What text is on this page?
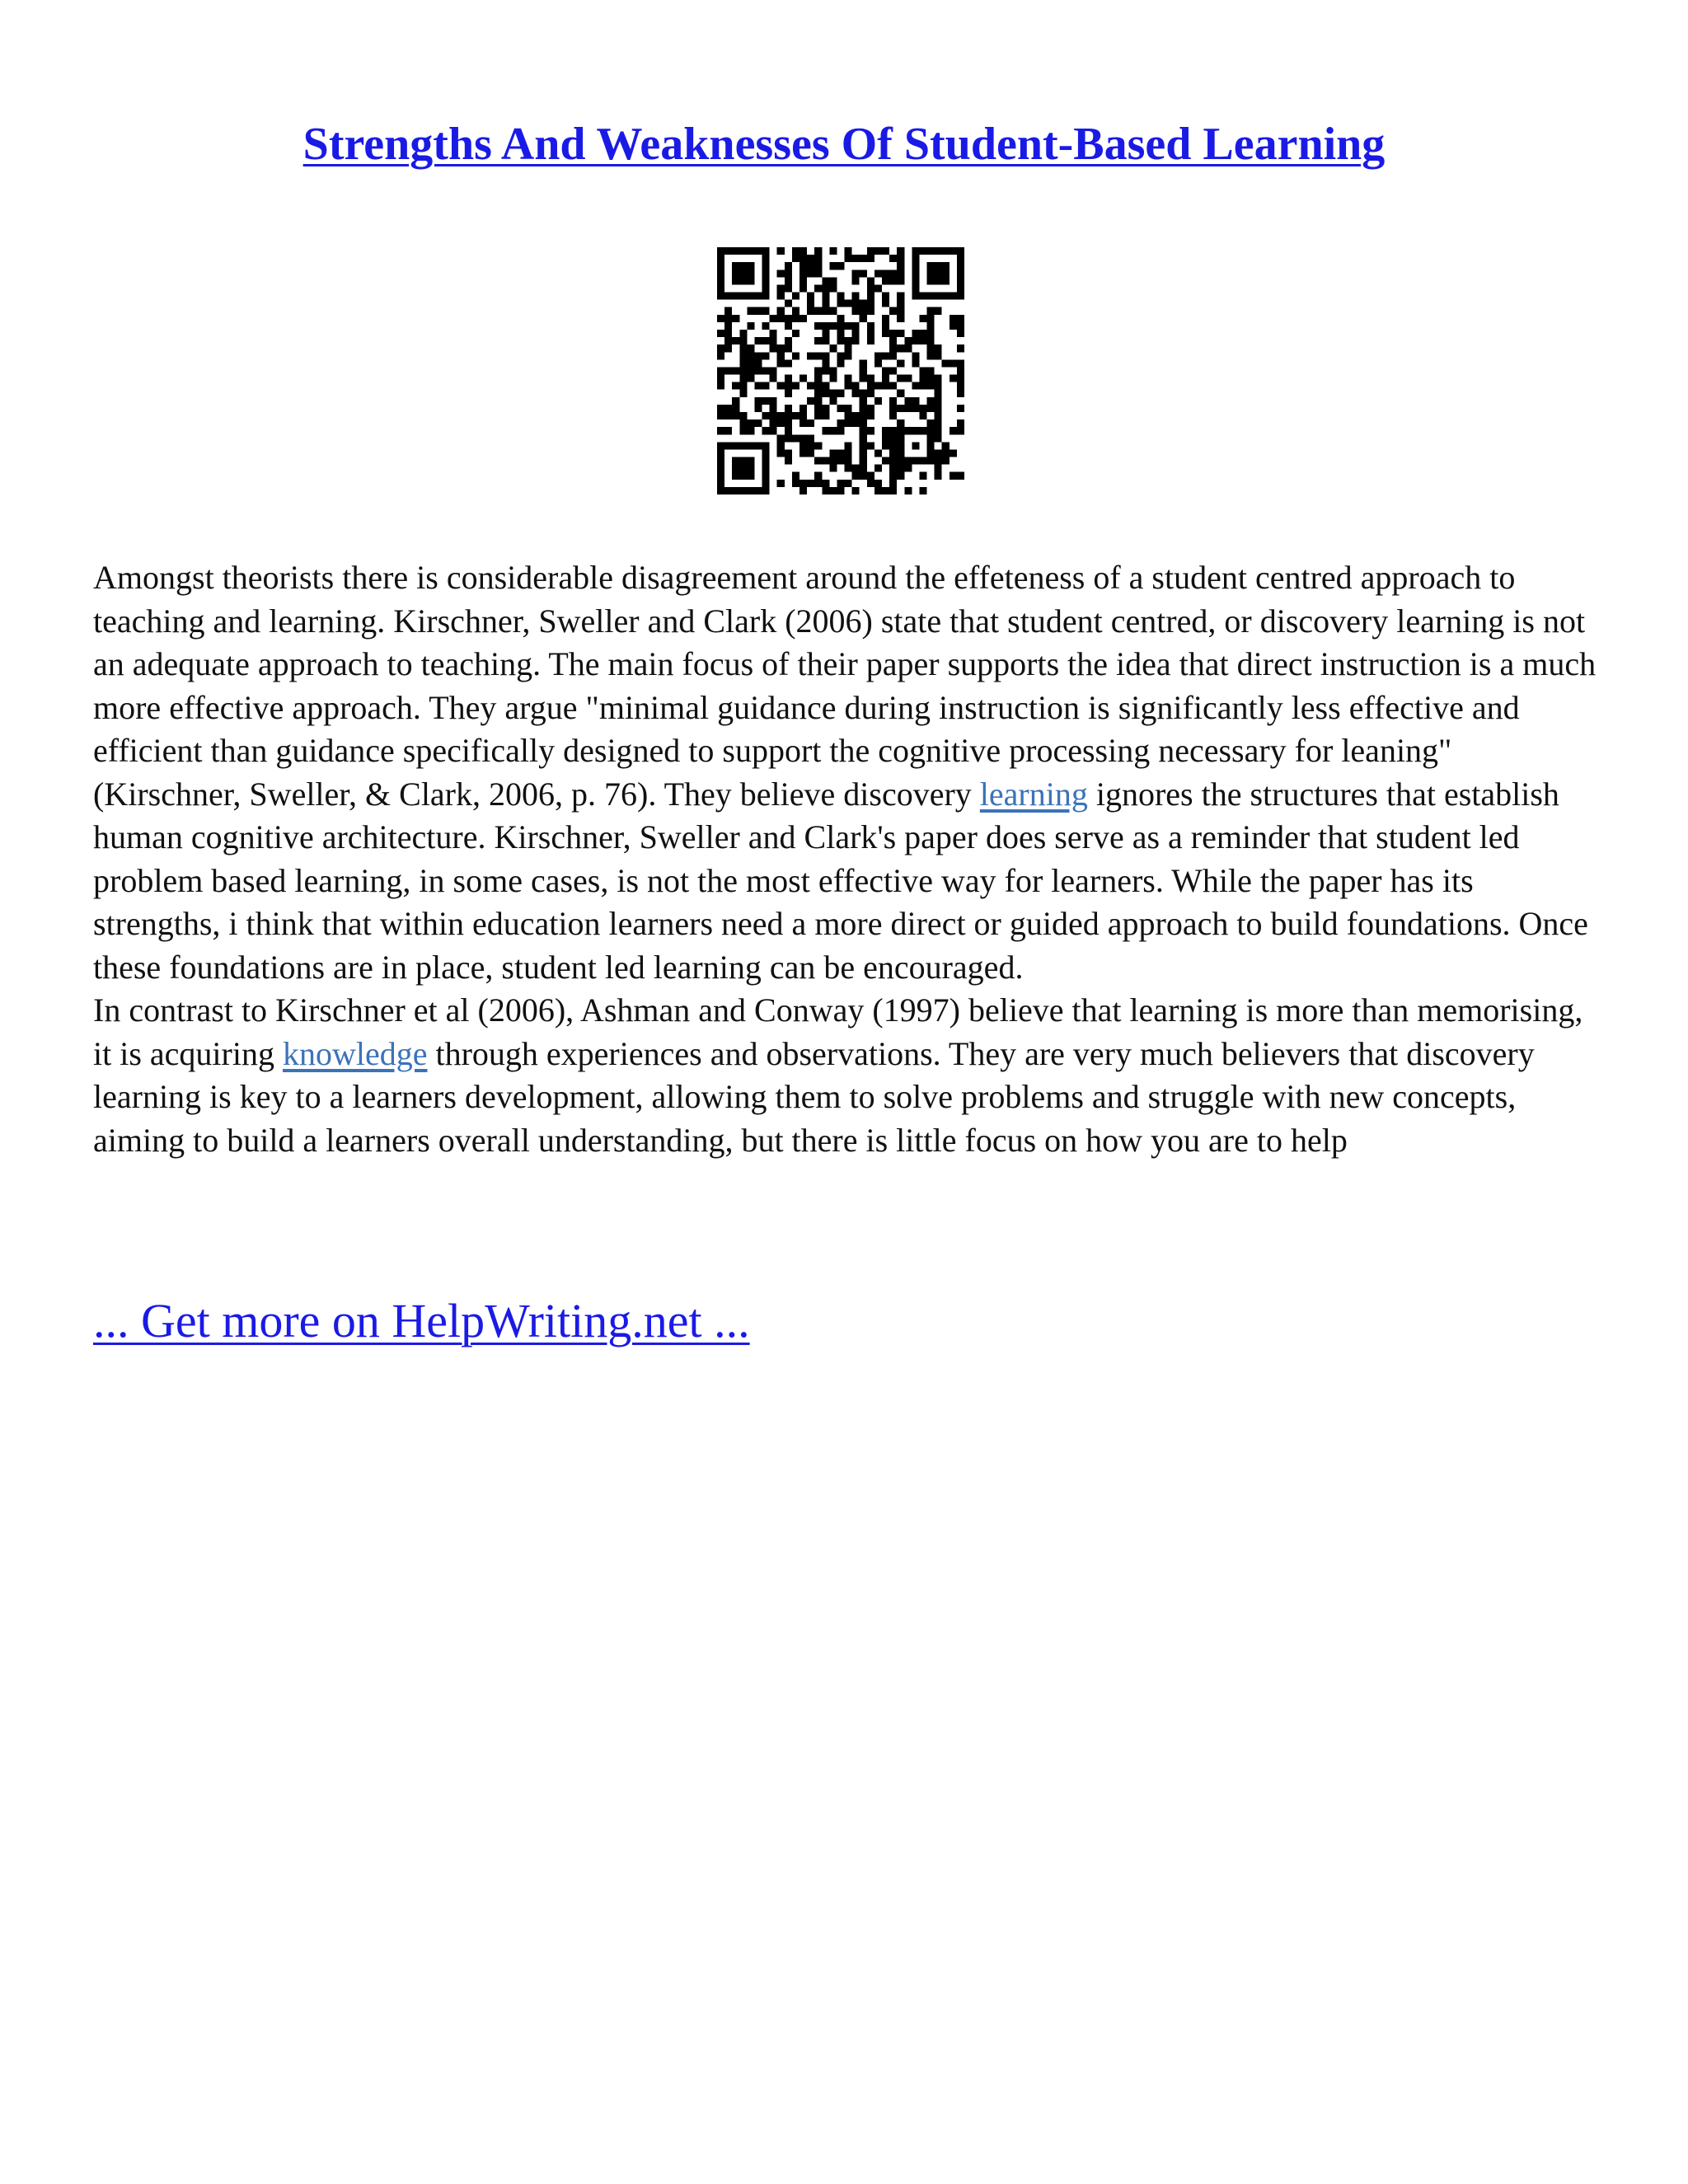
Strengths And Weaknesses Of Student-Based Learning

Amongst theorists there is considerable disagreement around the effeteness of a student centred approach to teaching and learning. Kirschner, Sweller and Clark (2006) state that student centred, or discovery learning is not an adequate approach to teaching. The main focus of their paper supports the idea that direct instruction is a much more effective approach. They argue "minimal guidance during instruction is significantly less effective and efficient than guidance specifically designed to support the cognitive processing necessary for leaning" (Kirschner, Sweller, & Clark, 2006, p. 76). They believe discovery learning ignores the structures that establish human cognitive architecture. Kirschner, Sweller and Clark's paper does serve as a reminder that student led problem based learning, in some cases, is not the most effective way for learners. While the paper has its strengths, i think that within education learners need a more direct or guided approach to build foundations. Once these foundations are in place, student led learning can be encouraged.

In contrast to Kirschner et al (2006), Ashman and Conway (1997) believe that learning is more than memorising, it is acquiring knowledge through experiences and observations. They are very much believers that discovery learning is key to a learners development, allowing them to solve problems and struggle with new concepts, aiming to build a learners overall understanding, but there is little focus on how you are to help

... Get more on HelpWriting.net ...
